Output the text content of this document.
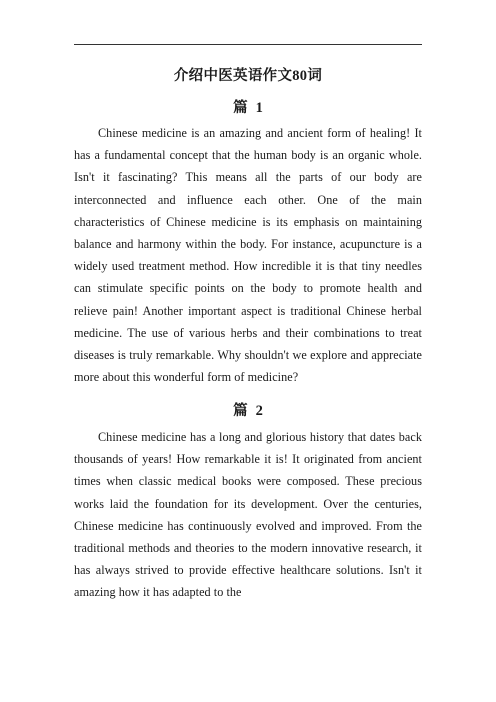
介绍中医英语作文80词
篇 1

Chinese medicine is an amazing and ancient form of healing! It has a fundamental concept that the human body is an organic whole. Isn't it fascinating? This means all the parts of our body are interconnected and influence each other. One of the main characteristics of Chinese medicine is its emphasis on maintaining balance and harmony within the body. For instance, acupuncture is a widely used treatment method. How incredible it is that tiny needles can stimulate specific points on the body to promote health and relieve pain! Another important aspect is traditional Chinese herbal medicine. The use of various herbs and their combinations to treat diseases is truly remarkable. Why shouldn't we explore and appreciate more about this wonderful form of medicine?

篇 2

Chinese medicine has a long and glorious history that dates back thousands of years! How remarkable it is! It originated from ancient times when classic medical books were composed. These precious works laid the foundation for its development. Over the centuries, Chinese medicine has continuously evolved and improved. From the traditional methods and theories to the modern innovative research, it has always strived to provide effective healthcare solutions. Isn't it amazing how it has adapted to the
